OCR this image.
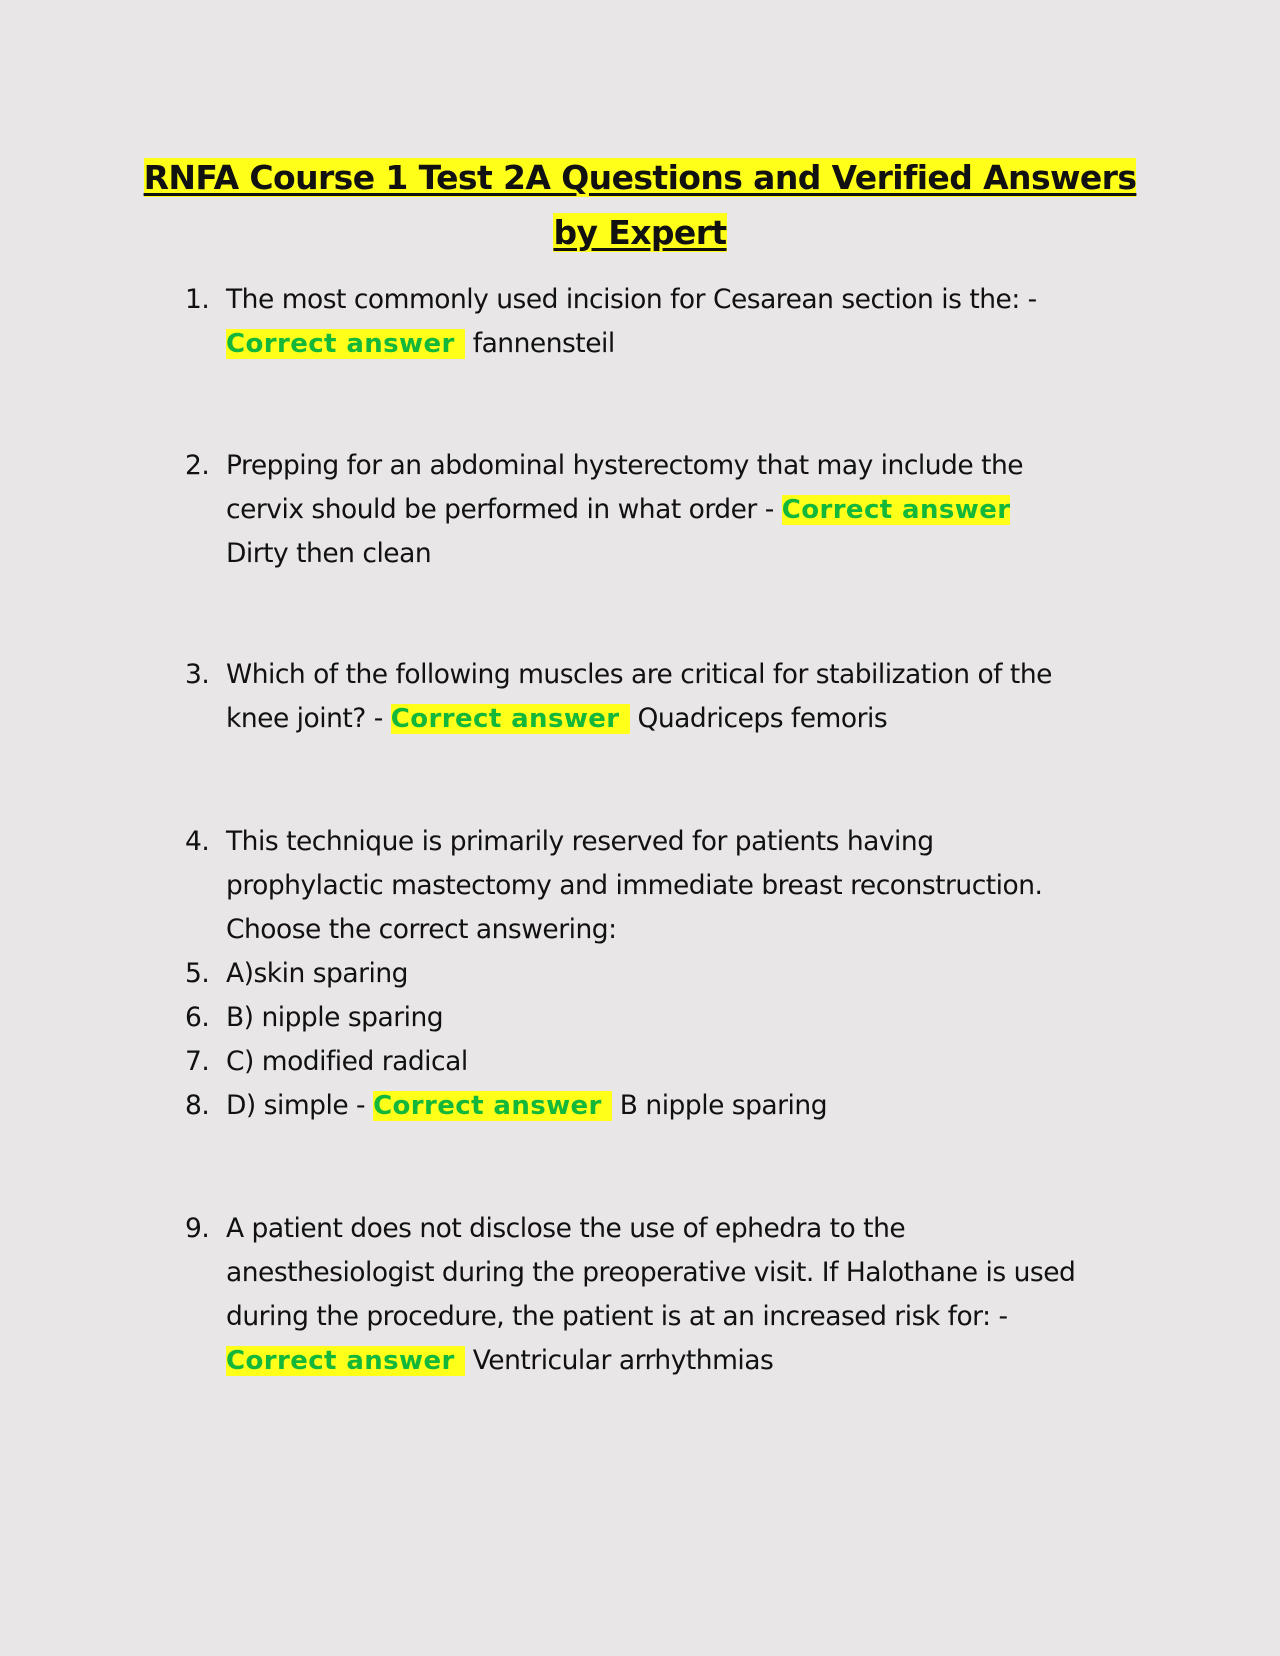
RNFA Course 1 Test 2A Questions and Verified Answers
by Expert
1. The most commonly used incision for Cesarean section is the: -
Correct answer fannensteil
2. Prepping for an abdominal hysterectomy that may include the
cervix should be performed in what order - Correct answer
Dirty then clean
3. Which of the following muscles are critical for stabilization of the
knee joint? - Correct answer Quadriceps femoris
4. This technique is primarily reserved for patients having
prophylactic mastectomy and immediate breast reconstruction.
Choose the correct answering:
5. A)skin sparing
6. B) nipple sparing
7. C) modified radical
8. D) simple - Correct answer B nipple sparing
9. A patient does not disclose the use of ephedra to the
anesthesiologist during the preoperative visit. If Halothane is used
during the procedure, the patient is at an increased risk for: -
Correct answer Ventricular arrhythmias
